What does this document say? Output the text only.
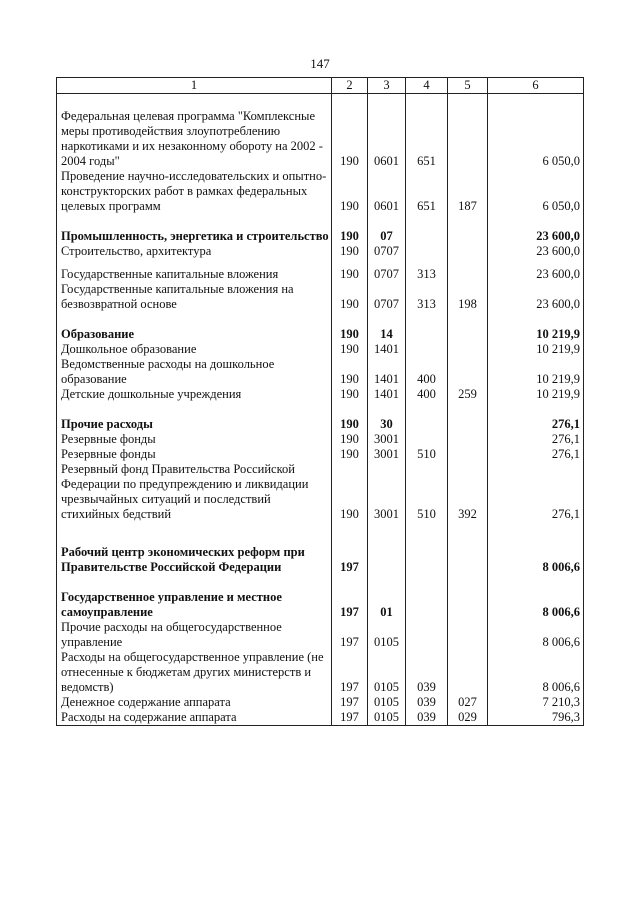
147
1	2	3	4	5	6

Федеральная целевая программа "Комплексные меры противодействия злоупотреблению наркотиками и их незаконному обороту на 2002 - 2004 годы"	190	0601	651		6 050,0
Проведение научно-исследовательских и опытно-конструкторских работ в рамках федеральных целевых программ	190	0601	651	187	6 050,0

Промышленность, энергетика и строительство	190	07			23 600,0
Строительство, архитектура	190	0707			23 600,0

Государственные капитальные вложения	190	0707	313		23 600,0
Государственные капитальные вложения на безвозвратной основе	190	0707	313	198	23 600,0

Образование	190	14			10 219,9
Дошкольное образование	190	1401			10 219,9
Ведомственные расходы на дошкольное образование	190	1401	400		10 219,9
Детские дошкольные учреждения	190	1401	400	259	10 219,9

Прочие расходы	190	30			276,1
Резервные фонды	190	3001			276,1
Резервные фонды	190	3001	510		276,1
Резервный фонд Правительства Российской Федерации по предупреждению и ликвидации чрезвычайных ситуаций и последствий стихийных бедствий	190	3001	510	392	276,1

Рабочий центр экономических реформ при Правительстве Российской Федерации	197				8 006,6

Государственное управление и местное самоуправление	197	01			8 006,6
Прочие расходы на общегосударственное управление	197	0105			8 006,6
Расходы на общегосударственное управление (не отнесенные к бюджетам других министерств и ведомств)	197	0105	039		8 006,6
Денежное содержание аппарата	197	0105	039	027	7 210,3
Расходы на содержание аппарата	197	0105	039	029	796,3
